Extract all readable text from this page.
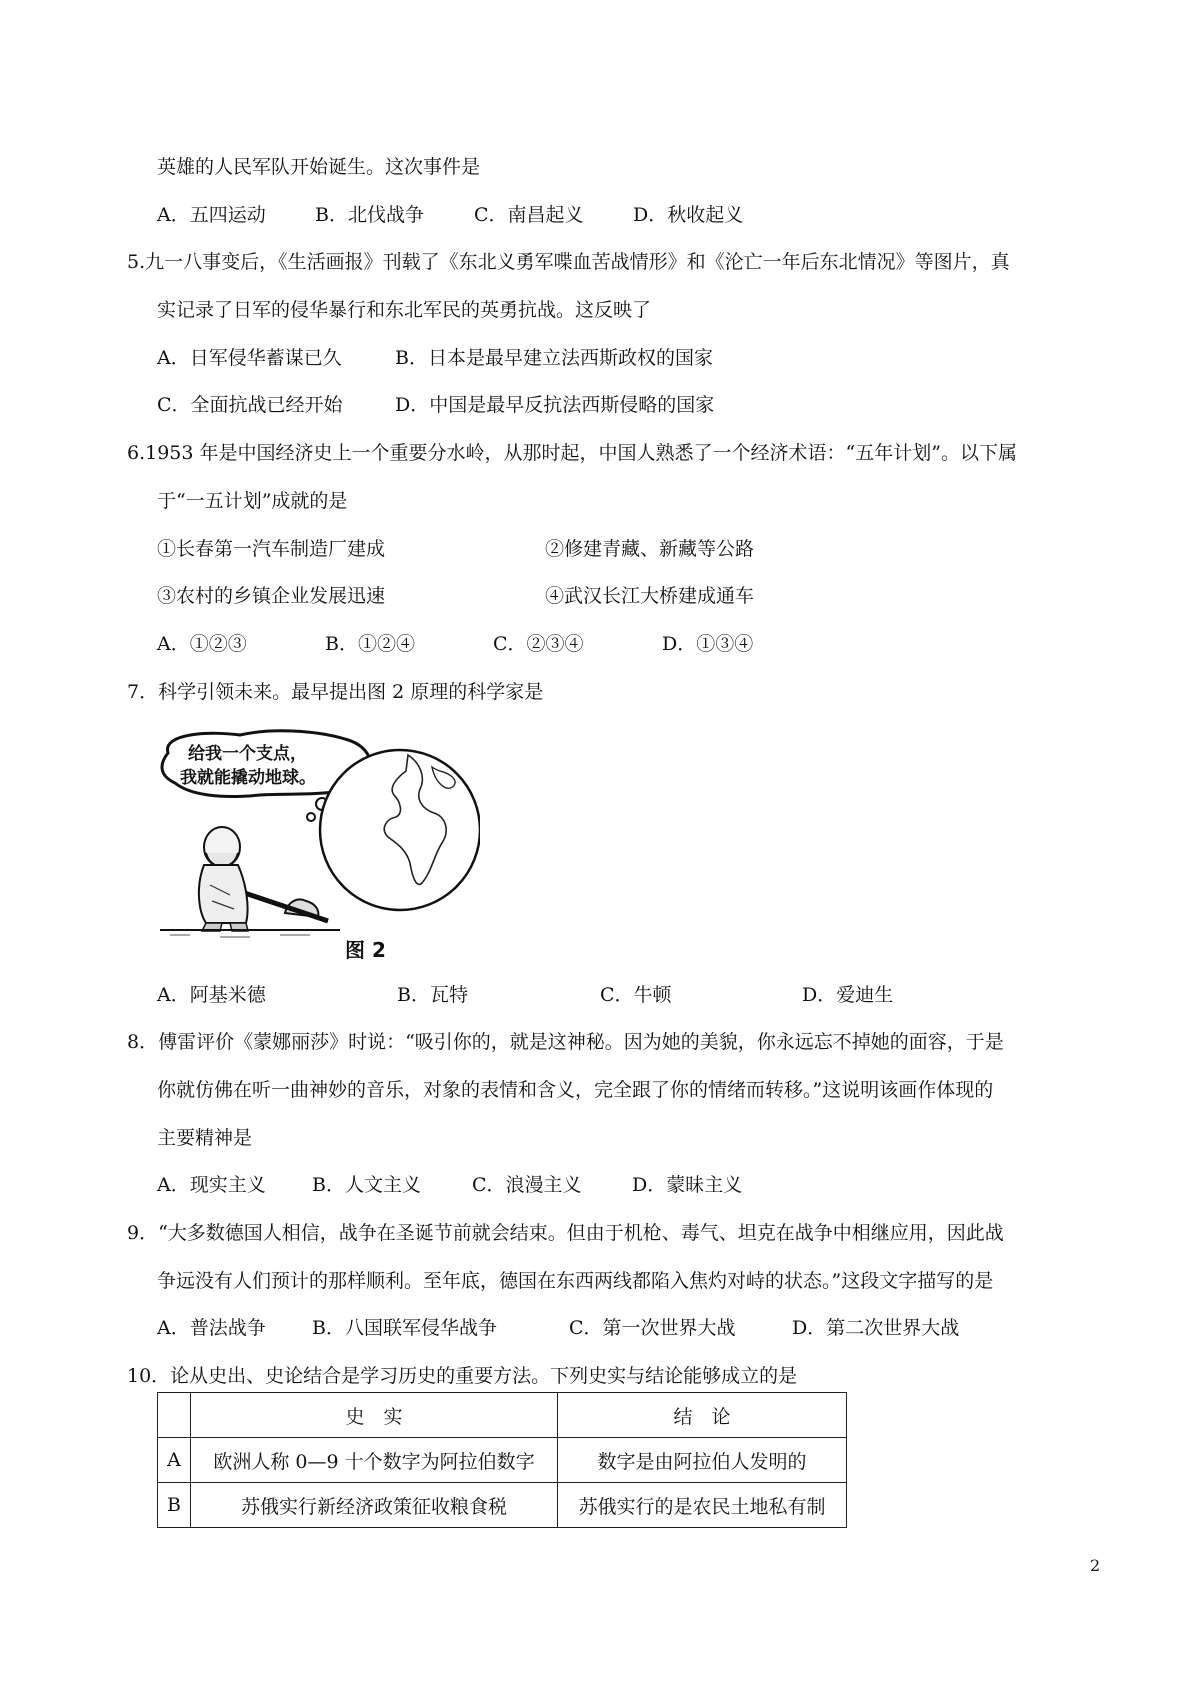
英雄的人民军队开始诞生。这次事件是
A．五四运动	B．北伐战争	C．南昌起义	D．秋收起义
5.九一八事变后，《生活画报》刊载了《东北义勇军喋血苦战情形》和《沦亡一年后东北情况》等图片，真
实记录了日军的侵华暴行和东北军民的英勇抗战。这反映了
A．日军侵华蓄谋已久	B．日本是最早建立法西斯政权的国家
C．全面抗战已经开始	D．中国是最早反抗法西斯侵略的国家
6.1953 年是中国经济史上一个重要分水岭，从那时起，中国人熟悉了一个经济术语：“五年计划”。以下属
于“一五计划”成就的是
①长春第一汽车制造厂建成	②修建青藏、新藏等公路
③农村的乡镇企业发展迅速	④武汉长江大桥建成通车
A．①②③	B．①②④	C．②③④	D．①③④
7．科学引领未来。最早提出图 2 原理的科学家是
给我一个支点，
我就能撬动地球。
图 2
A．阿基米德	B．瓦特	C．牛顿	D．爱迪生
8．傅雷评价《蒙娜丽莎》时说：“吸引你的，就是这神秘。因为她的美貌，你永远忘不掉她的面容，于是
你就仿佛在听一曲神妙的音乐，对象的表情和含义，完全跟了你的情绪而转移。”这说明该画作体现的
主要精神是
A．现实主义 B．人文主义	C．浪漫主义	D．蒙昧主义
9．“大多数德国人相信，战争在圣诞节前就会结束。但由于机枪、毒气、坦克在战争中相继应用，因此战
争远没有人们预计的那样顺利。至年底，德国在东西两线都陷入焦灼对峙的状态。”这段文字描写的是
A．普法战争 B．八国联军侵华战争	C．第一次世界大战	D．第二次世界大战
10．论从史出、史论结合是学习历史的重要方法。下列史实与结论能够成立的是
	史　实	结　论
A	欧洲人称 0—9 十个数字为阿拉伯数字	数字是由阿拉伯人发明的
B	苏俄实行新经济政策征收粮食税	苏俄实行的是农民土地私有制
2
